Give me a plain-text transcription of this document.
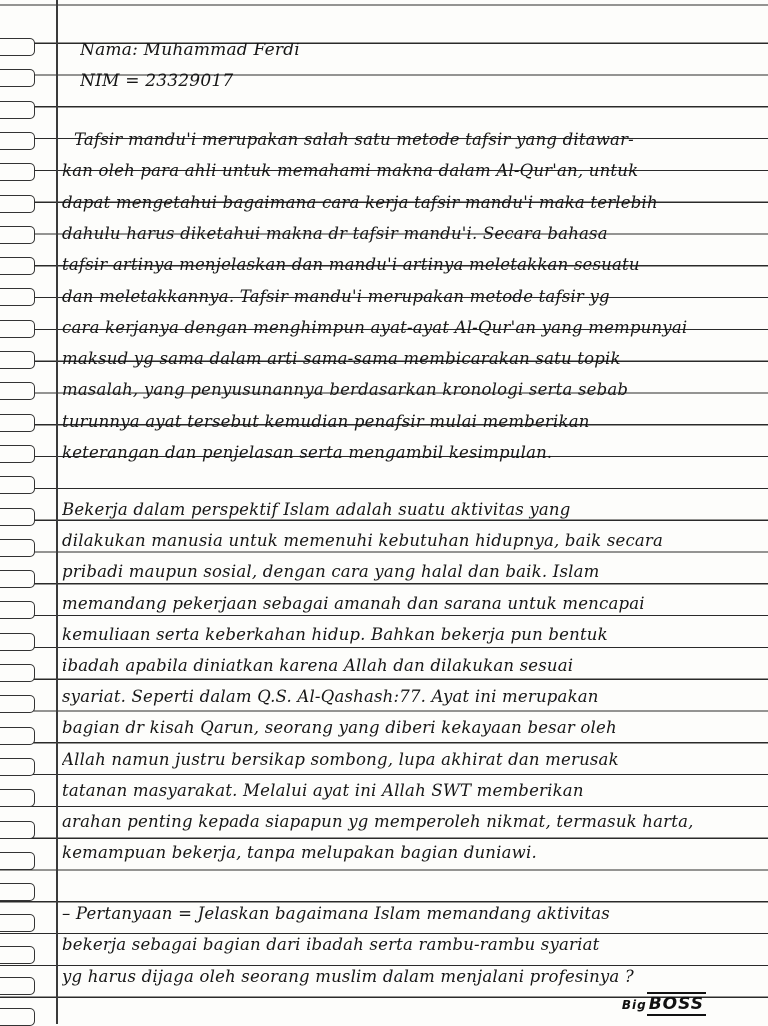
Nama: Muhammad Ferdi
NIM = 23329017
Tafsir mandu'i merupakan salah satu metode tafsir yang ditawar-
kan oleh para ahli untuk memahami makna dalam Al-Qur'an, untuk
dapat mengetahui bagaimana cara kerja tafsir mandu'i maka terlebih
dahulu harus diketahui makna dr tafsir mandu'i. Secara bahasa
tafsir artinya menjelaskan dan mandu'i artinya meletakkan sesuatu
dan meletakkannya. Tafsir mandu'i merupakan metode tafsir yg
cara kerjanya dengan menghimpun ayat-ayat Al-Qur'an yang mempunyai
maksud yg sama dalam arti sama-sama membicarakan satu topik
masalah, yang penyusunannya berdasarkan kronologi serta sebab
turunnya ayat tersebut kemudian penafsir mulai memberikan
keterangan dan penjelasan serta mengambil kesimpulan.
Bekerja dalam perspektif Islam adalah suatu aktivitas yang
dilakukan manusia untuk memenuhi kebutuhan hidupnya, baik secara
pribadi maupun sosial, dengan cara yang halal dan baik. Islam
memandang pekerjaan sebagai amanah dan sarana untuk mencapai
kemuliaan serta keberkahan hidup. Bahkan bekerja pun bentuk
ibadah apabila diniatkan karena Allah dan dilakukan sesuai
syariat. Seperti dalam Q.S. Al-Qashash:77. Ayat ini merupakan
bagian dr kisah Qarun, seorang yang diberi kekayaan besar oleh
Allah namun justru bersikap sombong, lupa akhirat dan merusak
tatanan masyarakat. Melalui ayat ini Allah SWT memberikan
arahan penting kepada siapapun yg memperoleh nikmat, termasuk harta,
kemampuan bekerja, tanpa melupakan bagian duniawi.
– Pertanyaan = Jelaskan bagaimana Islam memandang aktivitas
bekerja sebagai bagian dari ibadah serta rambu-rambu syariat
yg harus dijaga oleh seorang muslim dalam menjalani profesinya ?
Big BOSS
